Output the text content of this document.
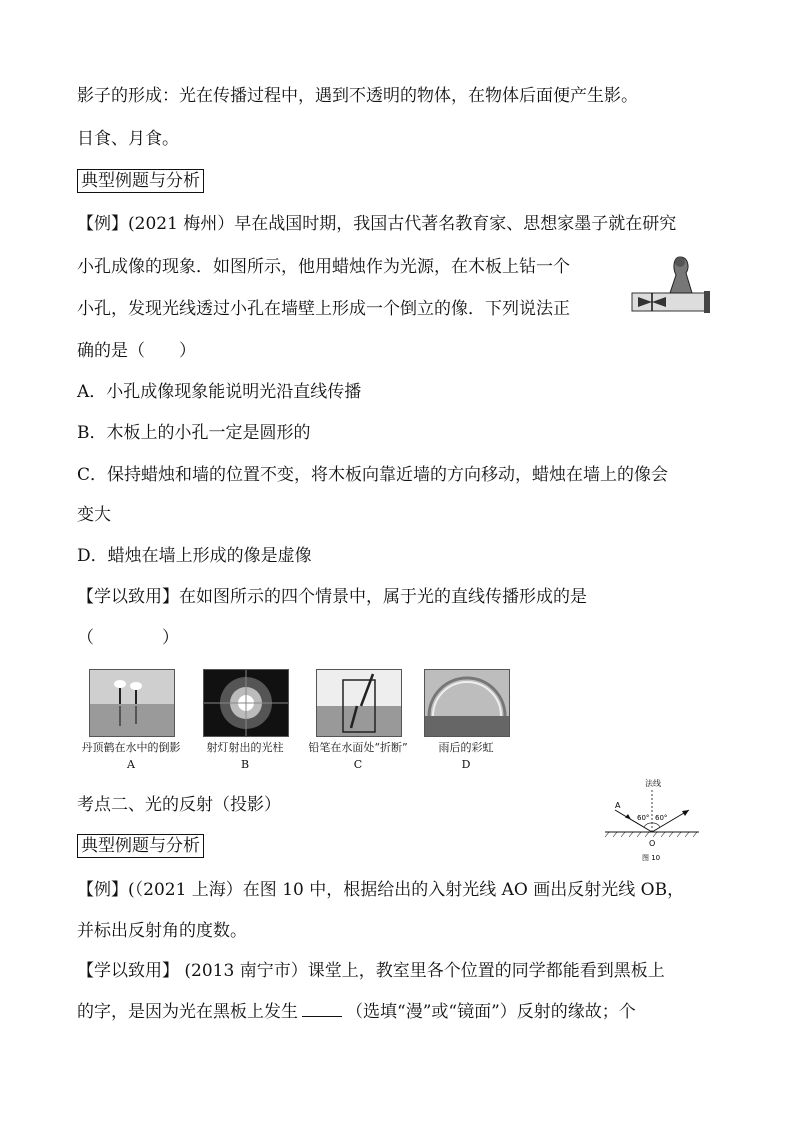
影子的形成：光在传播过程中，遇到不透明的物体，在物体后面便产生影。
日食、月食。
典型例题与分析
【例】(2021 梅州）早在战国时期，我国古代著名教育家、思想家墨子就在研究
小孔成像的现象．如图所示，他用蜡烛作为光源，在木板上钻一个
小孔，发现光线透过小孔在墙壁上形成一个倒立的像．下列说法正
确的是（　　）
A．小孔成像现象能说明光沿直线传播
B．木板上的小孔一定是圆形的
C．保持蜡烛和墙的位置不变，将木板向靠近墙的方向移动，蜡烛在墙上的像会
变大
D．蜡烛在墙上形成的像是虚像
【学以致用】在如图所示的四个情景中，属于光的直线传播形成的是
（　　　　）
丹顶鹤在水中的倒影	射灯射出的光柱	铅笔在水面处“折断”	雨后的彩虹
A	B	C	D
考点二、光的反射（投影）
典型例题与分析
【例】(（2021 上海）在图 10 中，根据给出的入射光线 AO 画出反射光线 OB，
并标出反射角的度数。
【学以致用】 (2013 南宁市）课堂上，教室里各个位置的同学都能看到黑板上
的字，是因为光在黑板上发生	（选填“漫”或“镜面”）反射的缘故；个
法线
A
60° 60°
O
图 10
